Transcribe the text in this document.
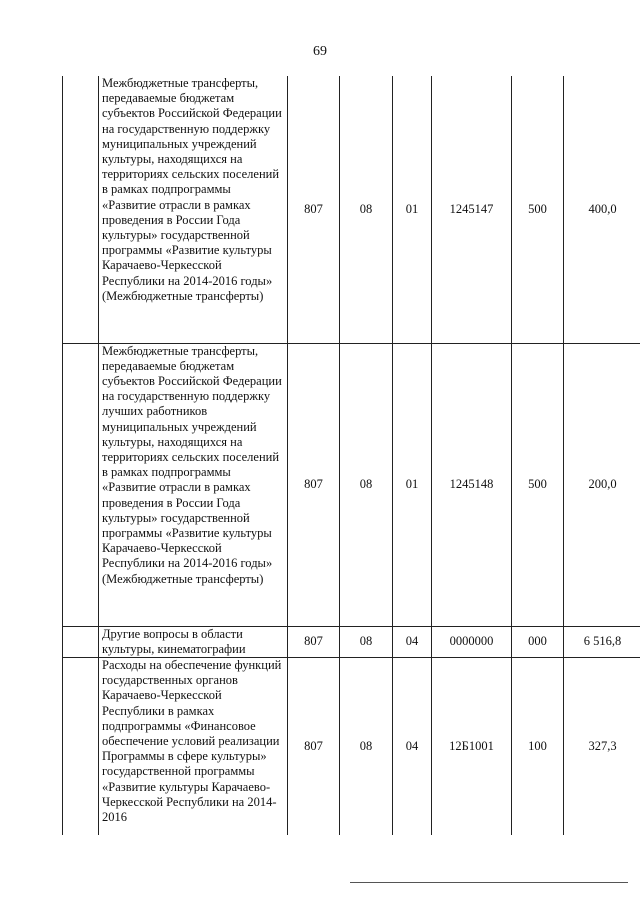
69
	Межбюджетные трансферты, передаваемые бюджетам субъектов Российской Федерации на государственную поддержку муниципальных учреждений культуры, находящихся на территориях сельских поселений в рамках подпрограммы «Развитие отрасли в рамках проведения в России Года культуры» государственной программы «Развитие культуры Карачаево-Черкесской Республики на 2014-2016 годы» (Межбюджетные трансферты)	807	08	01	1245147	500	400,0
	Межбюджетные трансферты, передаваемые бюджетам субъектов Российской Федерации на государственную поддержку лучших работников муниципальных учреждений культуры, находящихся на территориях сельских поселений в рамках подпрограммы «Развитие отрасли в рамках проведения в России Года культуры» государственной программы «Развитие культуры Карачаево-Черкесской Республики на 2014-2016 годы» (Межбюджетные трансферты)	807	08	01	1245148	500	200,0
	Другие вопросы в области культуры, кинематографии	807	08	04	0000000	000	6 516,8
	Расходы на обеспечение функций государственных органов Карачаево-Черкесской Республики в рамках подпрограммы «Финансовое обеспечение условий реализации Программы в сфере культуры» государственной программы «Развитие культуры Карачаево-Черкесской Республики на 2014-2016	807	08	04	12Б1001	100	327,3
